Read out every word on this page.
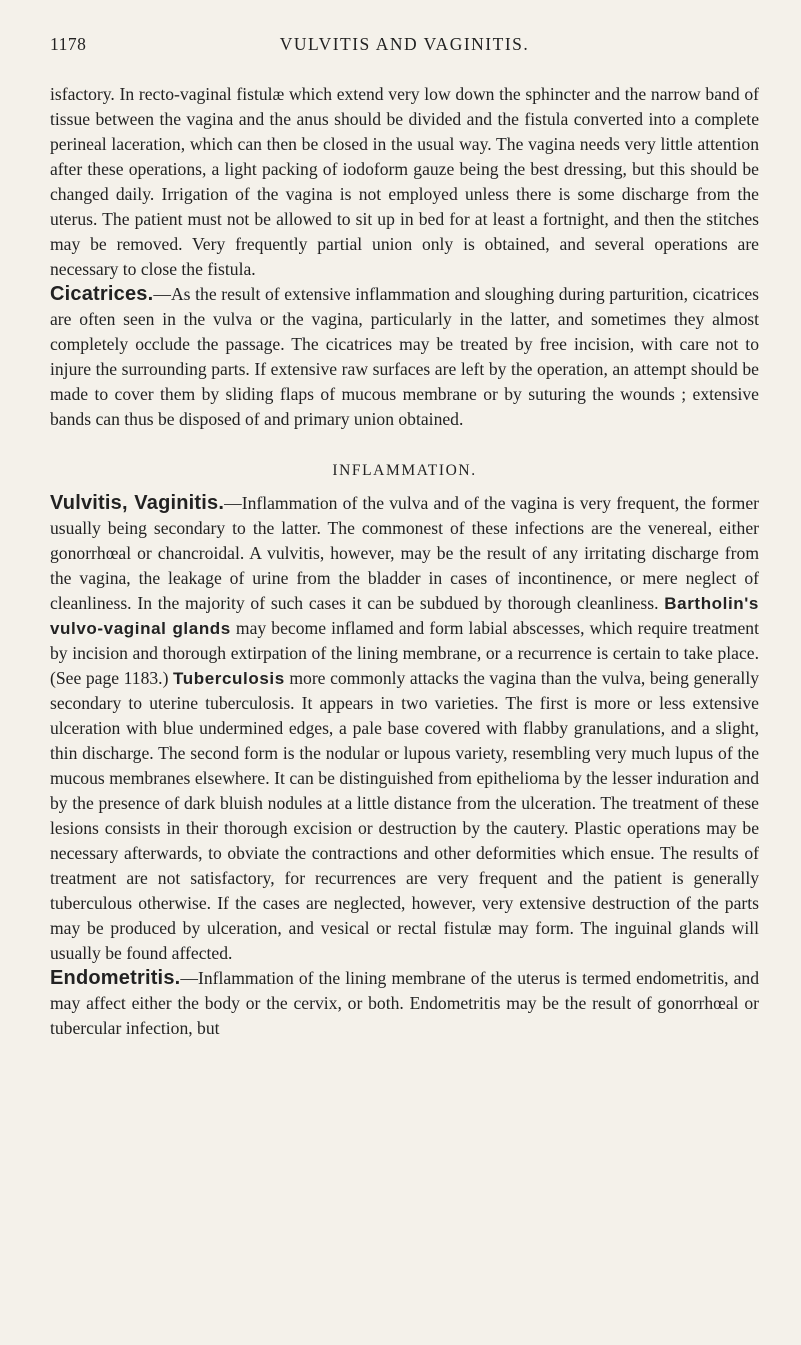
1178	VULVITIS AND VAGINITIS.

isfactory. In recto-vaginal fistulæ which extend very low down the sphincter and the narrow band of tissue between the vagina and the anus should be divided and the fistula converted into a complete perineal laceration, which can then be closed in the usual way. The vagina needs very little attention after these operations, a light packing of iodoform gauze being the best dressing, but this should be changed daily. Irrigation of the vagina is not employed unless there is some discharge from the uterus. The patient must not be allowed to sit up in bed for at least a fortnight, and then the stitches may be removed. Very frequently partial union only is obtained, and several operations are necessary to close the fistula.

Cicatrices.—As the result of extensive inflammation and sloughing during parturition, cicatrices are often seen in the vulva or the vagina, particularly in the latter, and sometimes they almost completely occlude the passage. The cicatrices may be treated by free incision, with care not to injure the surrounding parts. If extensive raw surfaces are left by the operation, an attempt should be made to cover them by sliding flaps of mucous membrane or by suturing the wounds ; extensive bands can thus be disposed of and primary union obtained.

INFLAMMATION.

Vulvitis, Vaginitis.—Inflammation of the vulva and of the vagina is very frequent, the former usually being secondary to the latter. The commonest of these infections are the venereal, either gonorrhœal or chancroidal. A vulvitis, however, may be the result of any irritating discharge from the vagina, the leakage of urine from the bladder in cases of incontinence, or mere neglect of cleanliness. In the majority of such cases it can be subdued by thorough cleanliness. Bartholin's vulvo-vaginal glands may become inflamed and form labial abscesses, which require treatment by incision and thorough extirpation of the lining membrane, or a recurrence is certain to take place. (See page 1183.) Tuberculosis more commonly attacks the vagina than the vulva, being generally secondary to uterine tuberculosis. It appears in two varieties. The first is more or less extensive ulceration with blue undermined edges, a pale base covered with flabby granulations, and a slight, thin discharge. The second form is the nodular or lupous variety, resembling very much lupus of the mucous membranes elsewhere. It can be distinguished from epithelioma by the lesser induration and by the presence of dark bluish nodules at a little distance from the ulceration. The treatment of these lesions consists in their thorough excision or destruction by the cautery. Plastic operations may be necessary afterwards, to obviate the contractions and other deformities which ensue. The results of treatment are not satisfactory, for recurrences are very frequent and the patient is generally tuberculous otherwise. If the cases are neglected, however, very extensive destruction of the parts may be produced by ulceration, and vesical or rectal fistulæ may form. The inguinal glands will usually be found affected.

Endometritis.—Inflammation of the lining membrane of the uterus is termed endometritis, and may affect either the body or the cervix, or both. Endometritis may be the result of gonorrhœal or tubercular infection, but
